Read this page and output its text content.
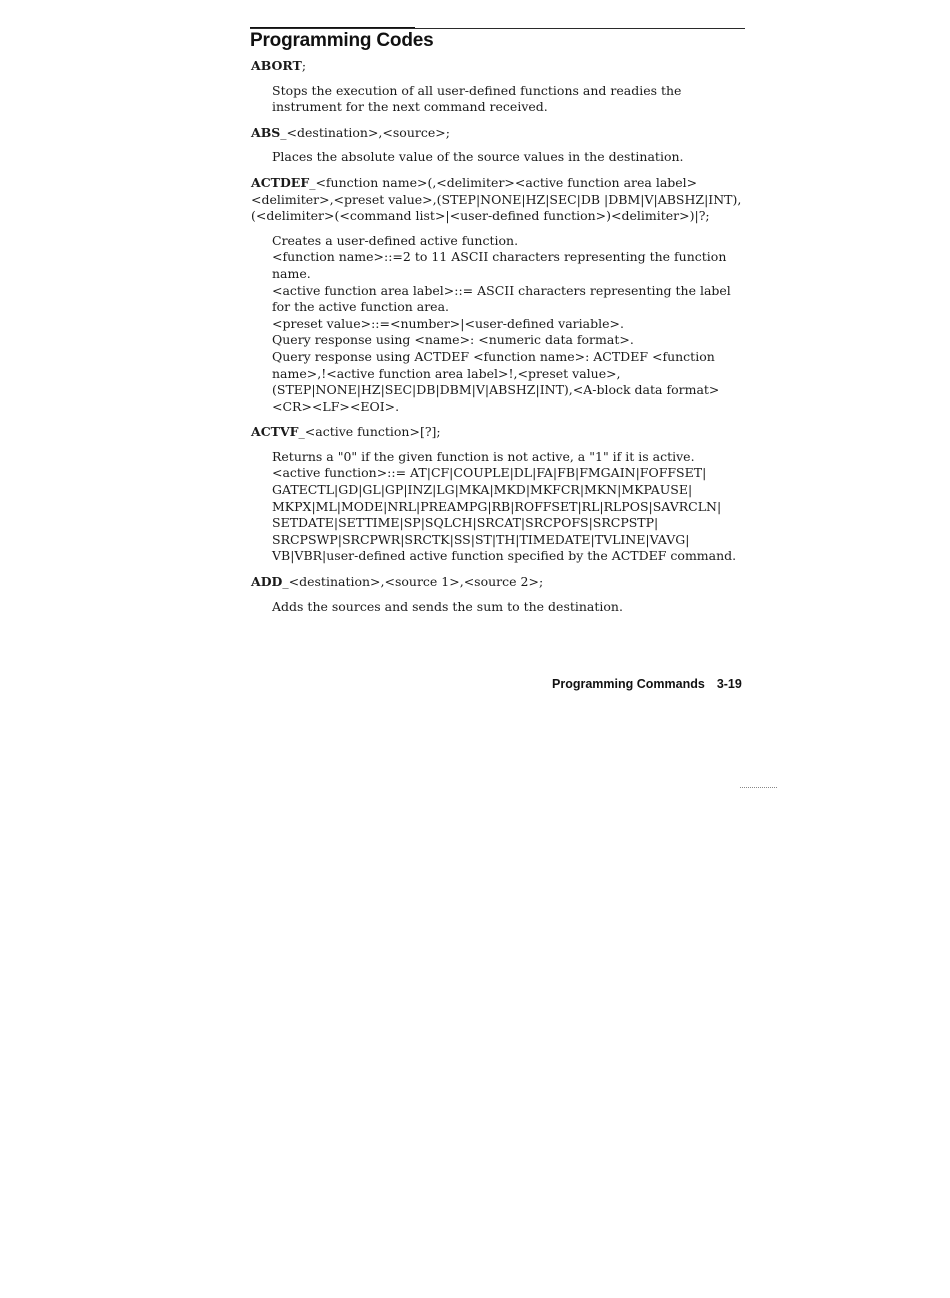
Programming Codes

ABORT;

Stops the execution of all user-defined functions and readies the instrument for the next command received.

ABS_<destination>,<source>;

Places the absolute value of the source values in the destination.

ACTDEF_<function name>(,<delimiter><active function area label><delimiter>,<preset value>,(STEP|NONE|HZ|SEC|DB |DBM|V|ABSHZ|INT),(<delimiter>(<command list>|<user-defined function>)<delimiter>)|?;

Creates a user-defined active function.

<function name>::=2 to 11 ASCII characters representing the function name.

<active function area label>::= ASCII characters representing the label for the active function area.

<preset value>::=<number>|<user-defined variable>.

Query response using <name>: <numeric data format>.

Query response using ACTDEF <function name>: ACTDEF <function name>,!<active function area label>!,<preset value>,(STEP|NONE|HZ|SEC|DB|DBM|V|ABSHZ|INT),<A-block data format><CR><LF><EOI>.

ACTVF_<active function>[?];

Returns a "0" if the given function is not active, a "1" if it is active.

<active function>::= AT|CF|COUPLE|DL|FA|FB|FMGAIN|FOFFSET| GATECTL|GD|GL|GP|INZ|LG|MKA|MKD|MKFCR|MKN|MKPAUSE| MKPX|ML|MODE|NRL|PREAMPG|RB|ROFFSET|RL|RLPOS|SAVRCLN| SETDATE|SETTIME|SP|SQLCH|SRCAT|SRCPOFS|SRCPSTP| SRCPSWP|SRCPWR|SRCTK|SS|ST|TH|TIMEDATE|TVLINE|VAVG| VB|VBR|user-defined active function specified by the ACTDEF command.

ADD_<destination>,<source 1>,<source 2>;

Adds the sources and sends the sum to the destination.

Programming Commands 3-19
